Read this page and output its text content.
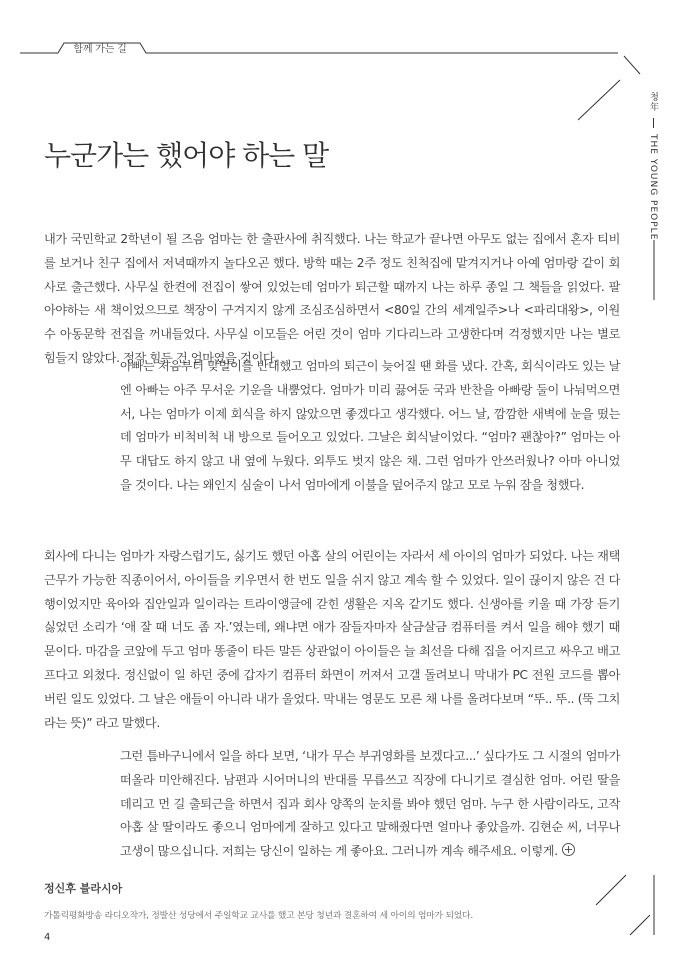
함께 가는 길
청年THE YOUNG PEOPLE
누군가는 했어야 하는 말

내가 국민학교 2학년이 될 즈음 엄마는 한 출판사에 취직했다. 나는 학교가 끝나면 아무도 없는 집에서 혼자 티비를 보거나 친구 집에서 저녁때까지 놀다오곤 했다. 방학 때는 2주 정도 친척집에 맡겨지거나 아예 엄마랑 같이 회사로 출근했다. 사무실 한켠에 전집이 쌓여 있었는데 엄마가 퇴근할 때까지 나는 하루 종일 그 책들을 읽었다. 팔아야하는 새 책이었으므로 책장이 구겨지지 않게 조심조심하면서 <80일 간의 세계일주>나 <파리대왕>, 이원수 아동문학 전집을 꺼내들었다. 사무실 이모들은 어린 것이 엄마 기다리느라 고생한다며 걱정했지만 나는 별로 힘들지 않았다. 정작 힘든 건 엄마였을 것이다.

아빠는 처음부터 맞벌이를 반대했고 엄마의 퇴근이 늦어질 땐 화를 냈다. 간혹, 회식이라도 있는 날엔 아빠는 아주 무서운 기운을 내뿜었다. 엄마가 미리 끓여둔 국과 반찬을 아빠랑 둘이 나눠먹으면서, 나는 엄마가 이제 회식을 하지 않았으면 좋겠다고 생각했다. 어느 날, 깜깜한 새벽에 눈을 떴는데 엄마가 비척비척 내 방으로 들어오고 있었다. 그날은 회식날이었다. “엄마? 괜찮아?” 엄마는 아무 대답도 하지 않고 내 옆에 누웠다. 외투도 벗지 않은 채. 그런 엄마가 안쓰러웠나? 아마 아니었을 것이다. 나는 왜인지 심술이 나서 엄마에게 이불을 덮어주지 않고 모로 누워 잠을 청했다.

회사에 다니는 엄마가 자랑스럽기도, 싫기도 했던 아홉 살의 어린이는 자라서 세 아이의 엄마가 되었다. 나는 재택근무가 가능한 직종이어서, 아이들을 키우면서 한 번도 일을 쉬지 않고 계속 할 수 있었다. 일이 끊이지 않은 건 다행이었지만 육아와 집안일과 일이라는 트라이앵글에 갇힌 생활은 지옥 같기도 했다. 신생아를 키울 때 가장 듣기 싫었던 소리가 ‘애 잘 때 너도 좀 자.’였는데, 왜냐면 애가 잠들자마자 살금살금 컴퓨터를 켜서 일을 해야 했기 때문이다. 마감을 코앞에 두고 엄마 똥줄이 타든 말든 상관없이 아이들은 늘 최선을 다해 집을 어지르고 싸우고 배고프다고 외쳤다. 정신없이 일 하던 중에 갑자기 컴퓨터 화면이 꺼져서 고갤 돌려보니 막내가 PC 전원 코드를 뽑아버린 일도 있었다. 그 날은 애들이 아니라 내가 울었다. 막내는 영문도 모른 채 나를 올려다보며 “뚜.. 뚜.. (뚝 그치라는 뜻)” 라고 말했다.

그런 틈바구니에서 일을 하다 보면, ‘내가 무슨 부귀영화를 보겠다고...’ 싶다가도 그 시절의 엄마가 떠올라 미안해진다. 남편과 시어머니의 반대를 무릅쓰고 직장에 다니기로 결심한 엄마. 어린 딸을 데리고 먼 길 출퇴근을 하면서 집과 회사 양쪽의 눈치를 봐야 했던 엄마. 누구 한 사람이라도, 고작 아홉 살 딸이라도 좋으니 엄마에게 잘하고 있다고 말해줬다면 얼마나 좋았을까. 김현순 씨, 너무나 고생이 많으십니다. 저희는 당신이 일하는 게 좋아요. 그러니까 계속 해주세요. 이렇게.

정신후 블라시아
가톨릭평화방송 라디오작가, 정발산 성당에서 주일학교 교사를 했고 본당 청년과 결혼하여 세 아이의 엄마가 되었다.
4
